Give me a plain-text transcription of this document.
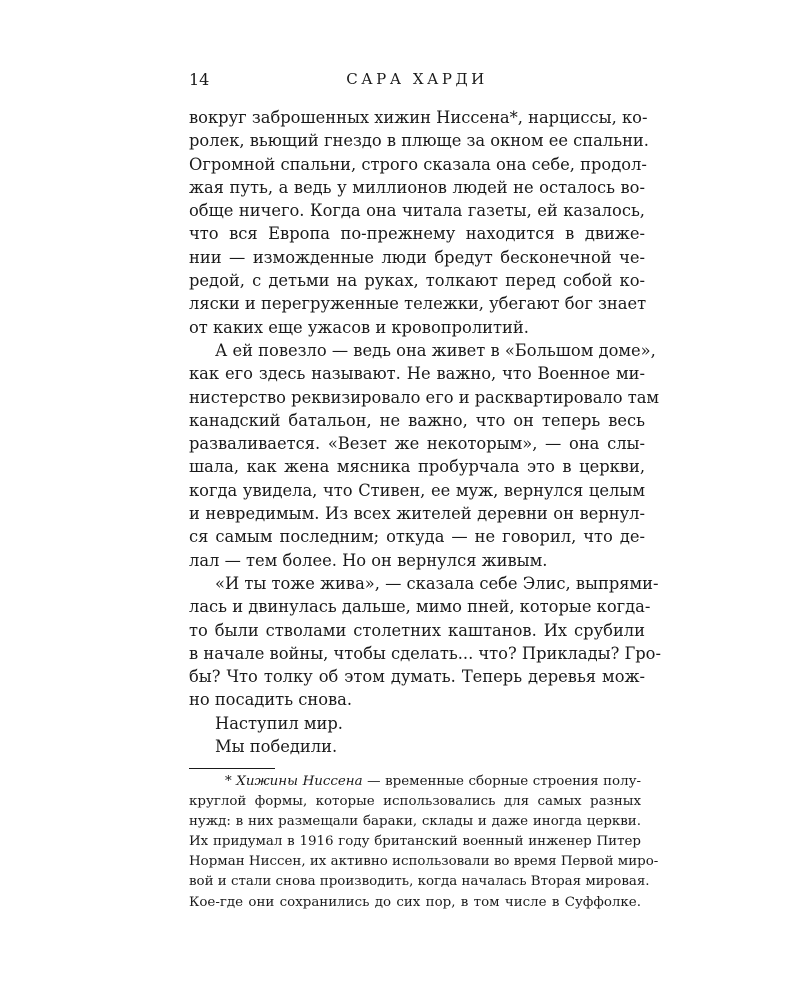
14	САРА ХАРДИ
вокруг заброшенных хижин Ниссена*, нарциссы, ко-
ролек, вьющий гнездо в плюще за окном ее спальни.
Огромной спальни, строго сказала она себе, продол-
жая путь, а ведь у миллионов людей не осталось во-
обще ничего. Когда она читала газеты, ей казалось,
что вся Европа по-прежнему находится в движе-
нии — изможденные люди бредут бесконечной че-
редой, с детьми на руках, толкают перед собой ко-
ляски и перегруженные тележки, убегают бог знает
от каких еще ужасов и кровопролитий.
А ей повезло — ведь она живет в «Большом доме»,
как его здесь называют. Не важно, что Военное ми-
нистерство реквизировало его и расквартировало там
канадский батальон, не важно, что он теперь весь
разваливается. «Везет же некоторым», — она слы-
шала, как жена мясника пробурчала это в церкви,
когда увидела, что Стивен, ее муж, вернулся целым
и невредимым. Из всех жителей деревни он вернул-
ся самым последним; откуда — не говорил, что де-
лал — тем более. Но он вернулся живым.
«И ты тоже жива», — сказала себе Элис, выпрями-
лась и двинулась дальше, мимо пней, которые когда-
то были стволами столетних каштанов. Их срубили
в начале войны, чтобы сделать... что? Приклады? Гро-
бы? Что толку об этом думать. Теперь деревья мож-
но посадить снова.
Наступил мир.
Мы победили.
* Хижины Ниссена — временные сборные строения полу-
круглой формы, которые использовались для самых разных
нужд: в них размещали бараки, склады и даже иногда церкви.
Их придумал в 1916 году британский военный инженер Питер
Норман Ниссен, их активно использовали во время Первой миро-
вой и стали снова производить, когда началась Вторая мировая.
Кое-где они сохранились до сих пор, в том числе в Суффолке.
